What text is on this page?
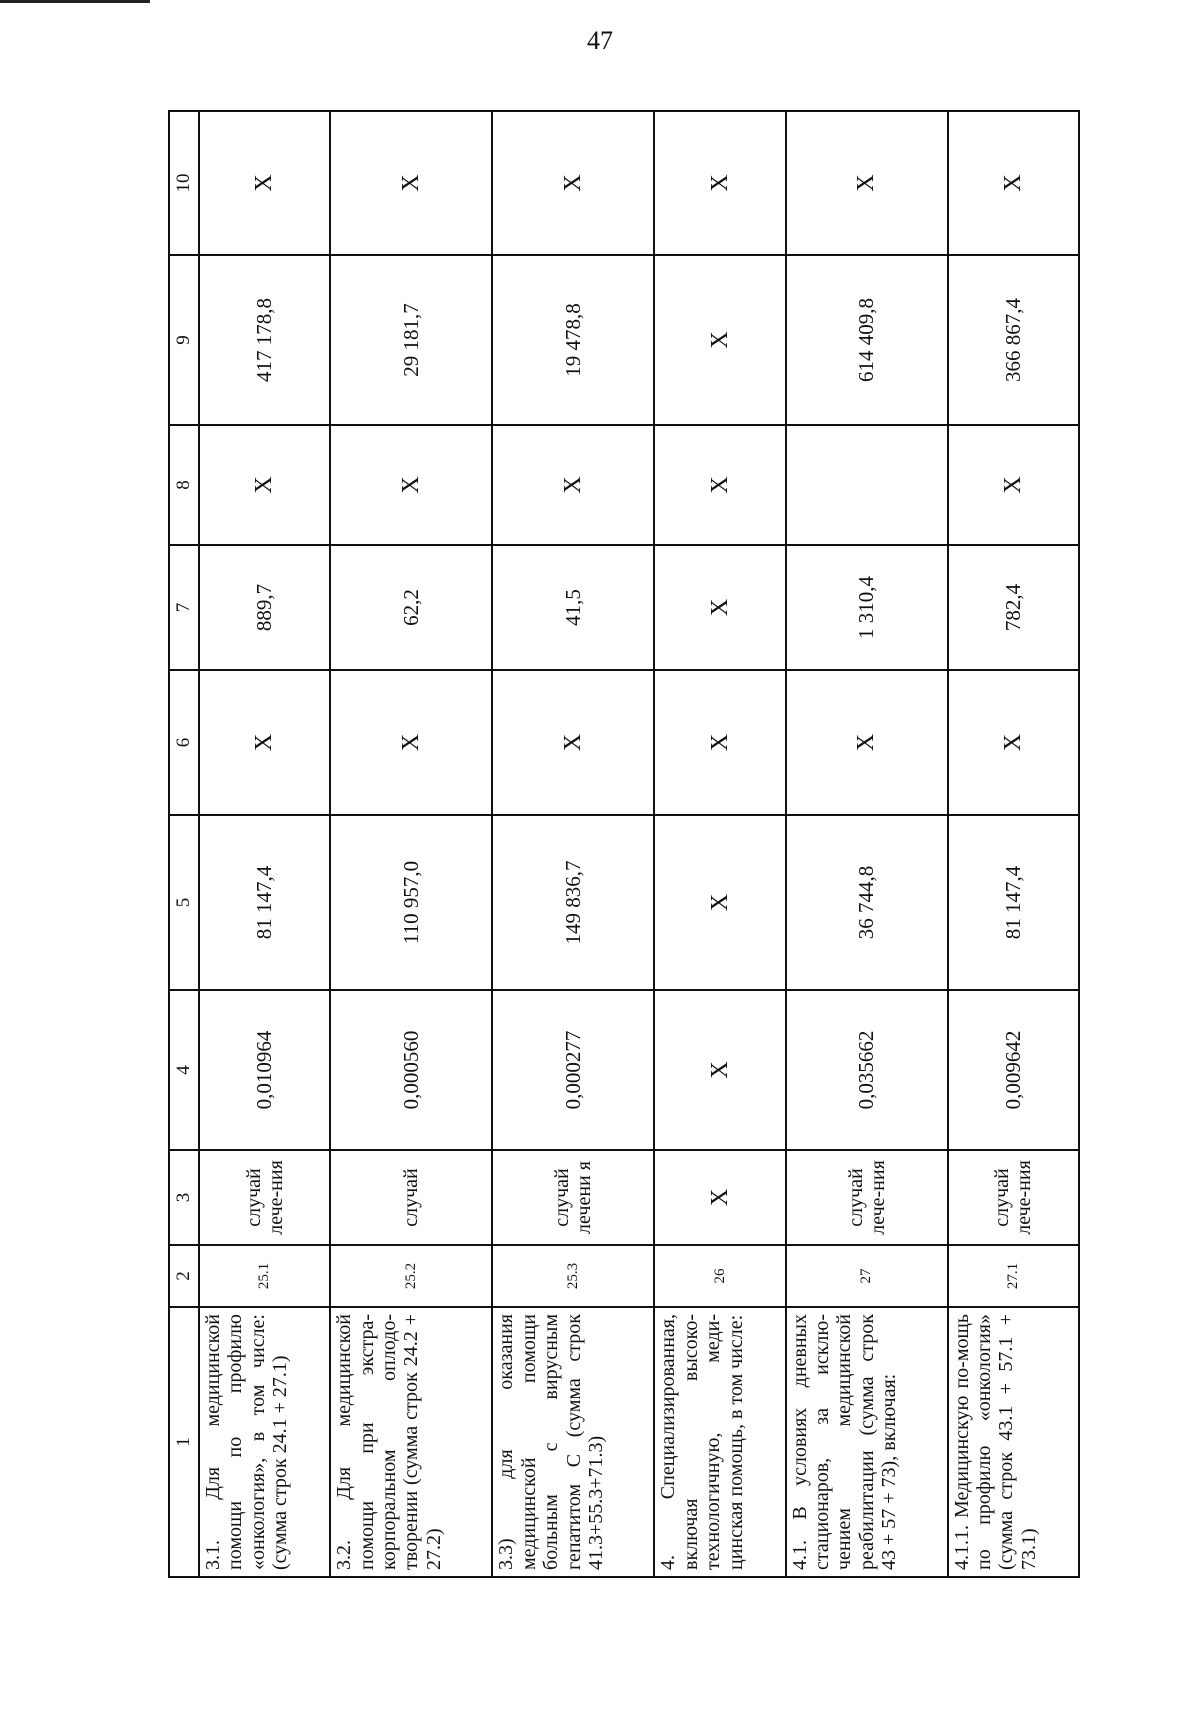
47
1	2	3	4	5	6	7	8	9	10
3.1. Для медицинской помощи по профилю «онкология», в том числе: (сумма строк 24.1 + 27.1)	25.1	случай лече-ния	0,010964	81 147,4	X	889,7	X	417 178,8	X
3.2. Для медицинской помощи при экстра-корпоральном оплодо-творении (сумма строк 24.2 + 27.2)	25.2	случай	0,000560	110 957,0	X	62,2	X	29 181,7	X
3.3) для оказания медицинской помощи больным с вирусным гепатитом С (сумма строк 41.3+55.3+71.3)	25.3	случай лечени я	0,000277	149 836,7	X	41,5	X	19 478,8	X
4. Специализированная, включая высоко-технологичную, меди-цинская помощь, в том числе:	26	X	X	X	X	X	X	X	X
4.1. В условиях дневных стационаров, за исклю-чением медицинской реабилитации (сумма строк 43 + 57 + 73), включая:	27	случай лече-ния	0,035662	36 744,8	X	1 310,4		614 409,8	X
4.1.1. Медицинскую по-мощь по профилю «онкология» (сумма строк 43.1 + 57.1 + 73.1)	27.1	случай лече-ния	0,009642	81 147,4	X	782,4	X	366 867,4	X
